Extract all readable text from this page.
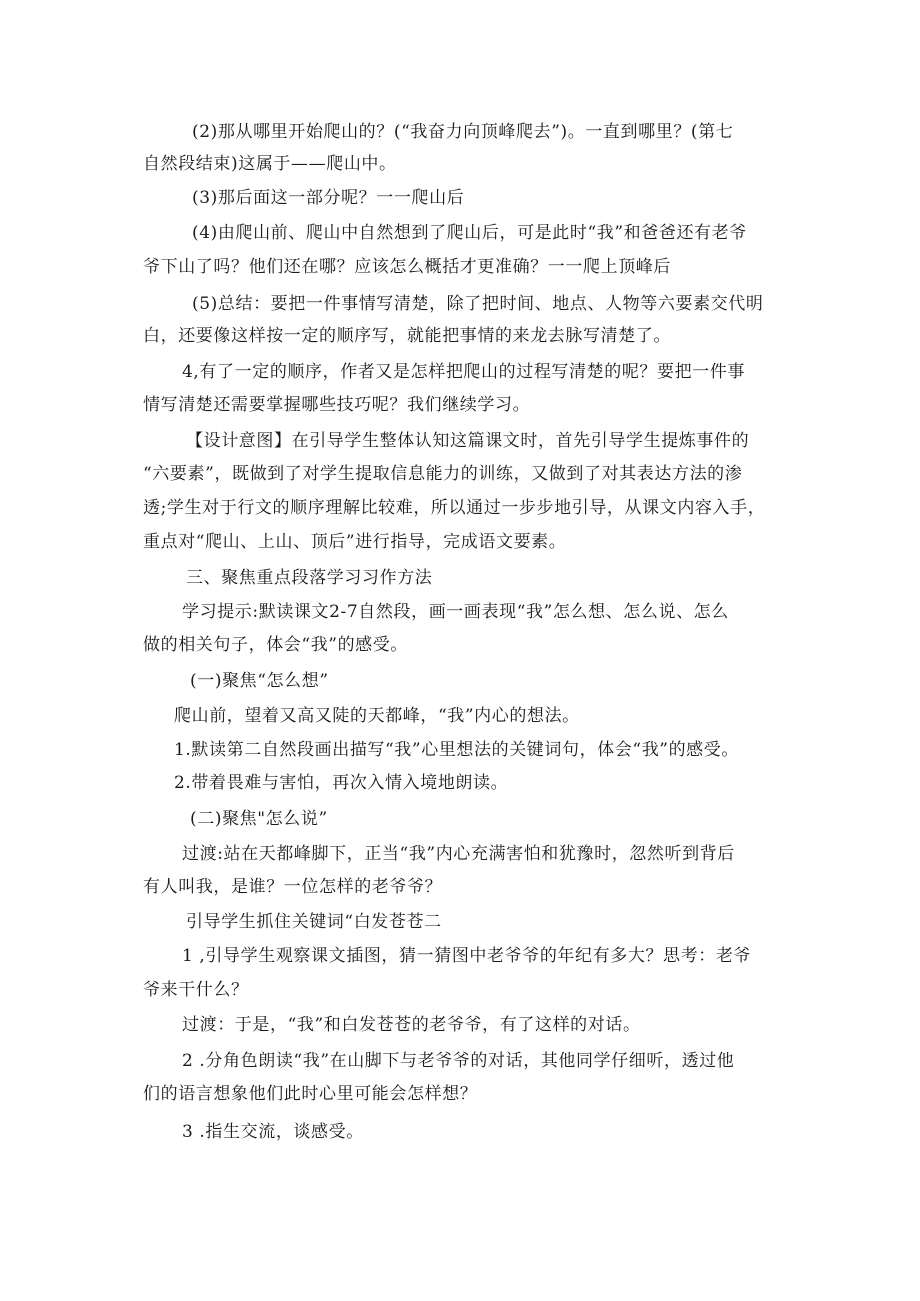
(2)那从哪里开始爬山的？(“我奋力向顶峰爬去”)。一直到哪里？(第七
自然段结束)这属于——爬山中。
(3)那后面这一部分呢？一一爬山后
(4)由爬山前、爬山中自然想到了爬山后，可是此时“我”和爸爸还有老爷
爷下山了吗？他们还在哪？应该怎么概括才更准确？一一爬上顶峰后
(5)总结：要把一件事情写清楚，除了把时间、地点、人物等六要素交代明
白，还要像这样按一定的顺序写，就能把事情的来龙去脉写清楚了。
4,有了一定的顺序，作者又是怎样把爬山的过程写清楚的呢？要把一件事
情写清楚还需要掌握哪些技巧呢？我们继续学习。
【设计意图】在引导学生整体认知这篇课文时，首先引导学生提炼事件的
“六要素”，既做到了对学生提取信息能力的训练，又做到了对其表达方法的渗
透;学生对于行文的顺序理解比较难，所以通过一步步地引导，从课文内容入手，
重点对“爬山、上山、顶后”进行指导，完成语文要素。
三、聚焦重点段落学习习作方法
学习提示:默读课文2-7自然段，画一画表现“我”怎么想、怎么说、怎么
做的相关句子，体会“我”的感受。
(一)聚焦“怎么想”
爬山前，望着又高又陡的天都峰，“我”内心的想法。
1.默读第二自然段画出描写“我”心里想法的关键词句，体会“我”的感受。
2.带着畏难与害怕，再次入情入境地朗读。
(二)聚焦"怎么说”
过渡:站在天都峰脚下，正当“我”内心充满害怕和犹豫时，忽然听到背后
有人叫我，是谁？一位怎样的老爷爷？
引导学生抓住关键词“白发苍苍二
1 ,引导学生观察课文插图，猜一猜图中老爷爷的年纪有多大？思考：老爷
爷来干什么？
过渡：于是，“我”和白发苍苍的老爷爷，有了这样的对话。
2 .分角色朗读“我”在山脚下与老爷爷的对话，其他同学仔细听，透过他
们的语言想象他们此时心里可能会怎样想？
3 .指生交流，谈感受。
